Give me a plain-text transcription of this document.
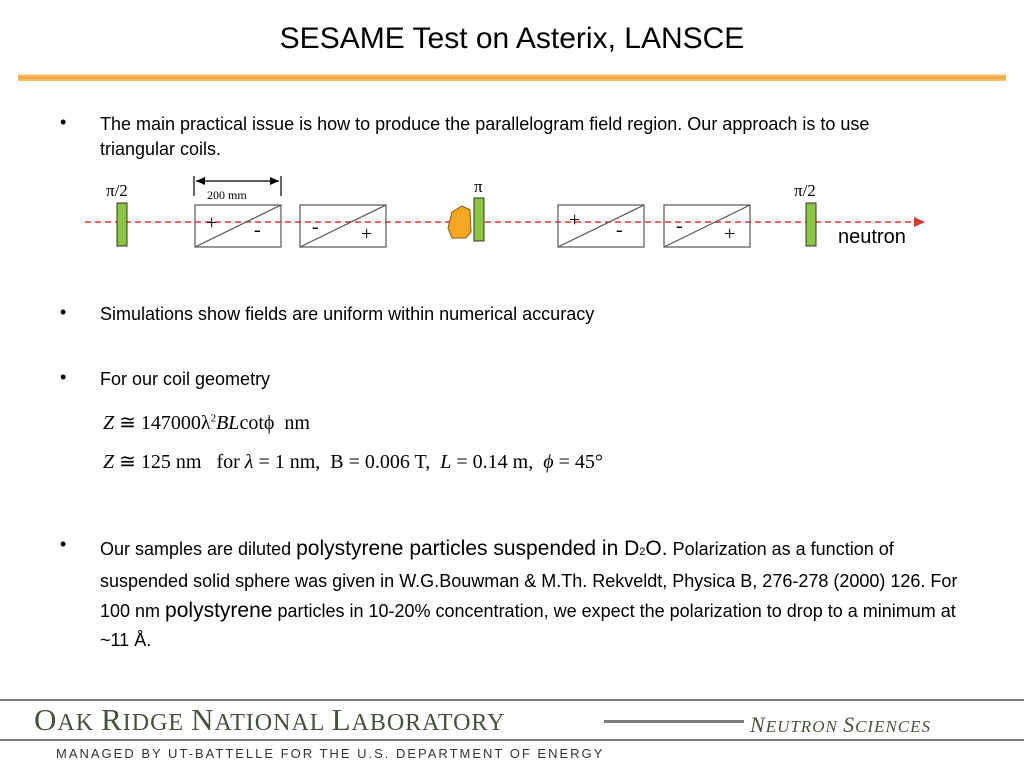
SESAME Test on Asterix, LANSCE
• The main practical issue is how to produce the parallelogram field region. Our approach is to use triangular coils.
π/2	π	π/2
200 mm
+ -	- +
+ -	- +	neutron
• Simulations show fields are uniform within numerical accuracy
• For our coil geometry
Z ≅ $147000\lambda^2BLcot\phi$  nm
Z ≅ 125 nm   for λ = 1 nm,  B = 0.006 T,  L = 0.14 m,  ϕ = 45°
• Our samples are diluted polystyrene particles suspended in D2O. Polarization as a function of suspended solid sphere was given in W.G.Bouwman & M.Th. Rekveldt, Physica B, 276-278 (2000) 126. For 100 nm polystyrene particles in 10-20% concentration, we expect the polarization to drop to a minimum at ~11 Å.
OAK RIDGE NATIONAL LABORATORY	NEUTRON SCIENCES
MANAGED BY UT-BATTELLE FOR THE U.S. DEPARTMENT OF ENERGY
